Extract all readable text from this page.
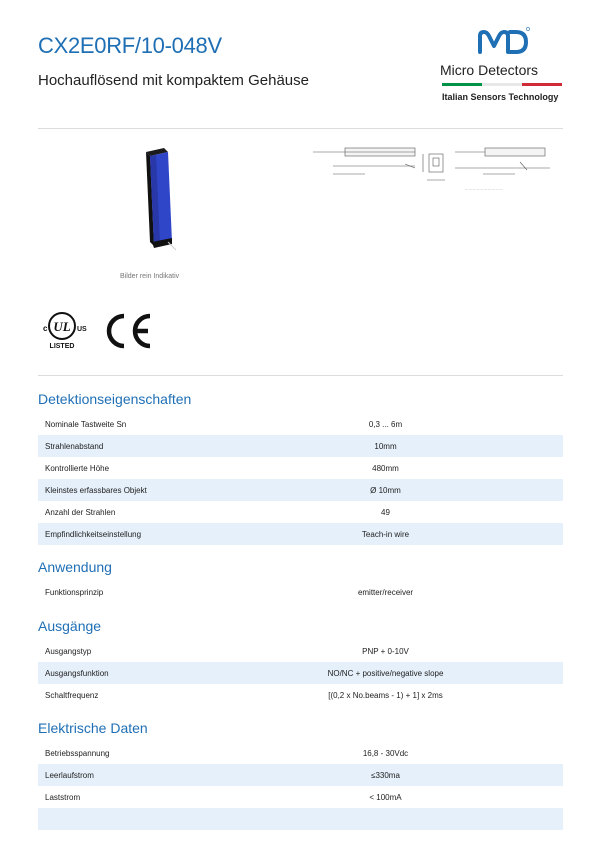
CX2E0RF/10-048V
Hochauflösend mit kompaktem Gehäuse
Micro Detectors
Italian Sensors Technology
Bilder rein Indikativ
— — — — — — — — — —
UL
c	US
LISTED
Detektionseigenschaften
Nominale Tastweite Sn	0,3 ... 6m
Strahlenabstand	10mm
Kontrollierte Höhe	480mm
Kleinstes erfassbares Objekt	Ø 10mm
Anzahl der Strahlen	49
Empfindlichkeitseinstellung	Teach-in wire
Anwendung
Funktionsprinzip	emitter/receiver
Ausgänge
Ausgangstyp	PNP + 0-10V
Ausgangsfunktion	NO/NC + positive/negative slope
Schaltfrequenz	[(0,2 x No.beams - 1) + 1] x 2ms
Elektrische Daten
Betriebsspannung	16,8 - 30Vdc
Leerlaufstrom	≤330ma
Laststrom	< 100mA
